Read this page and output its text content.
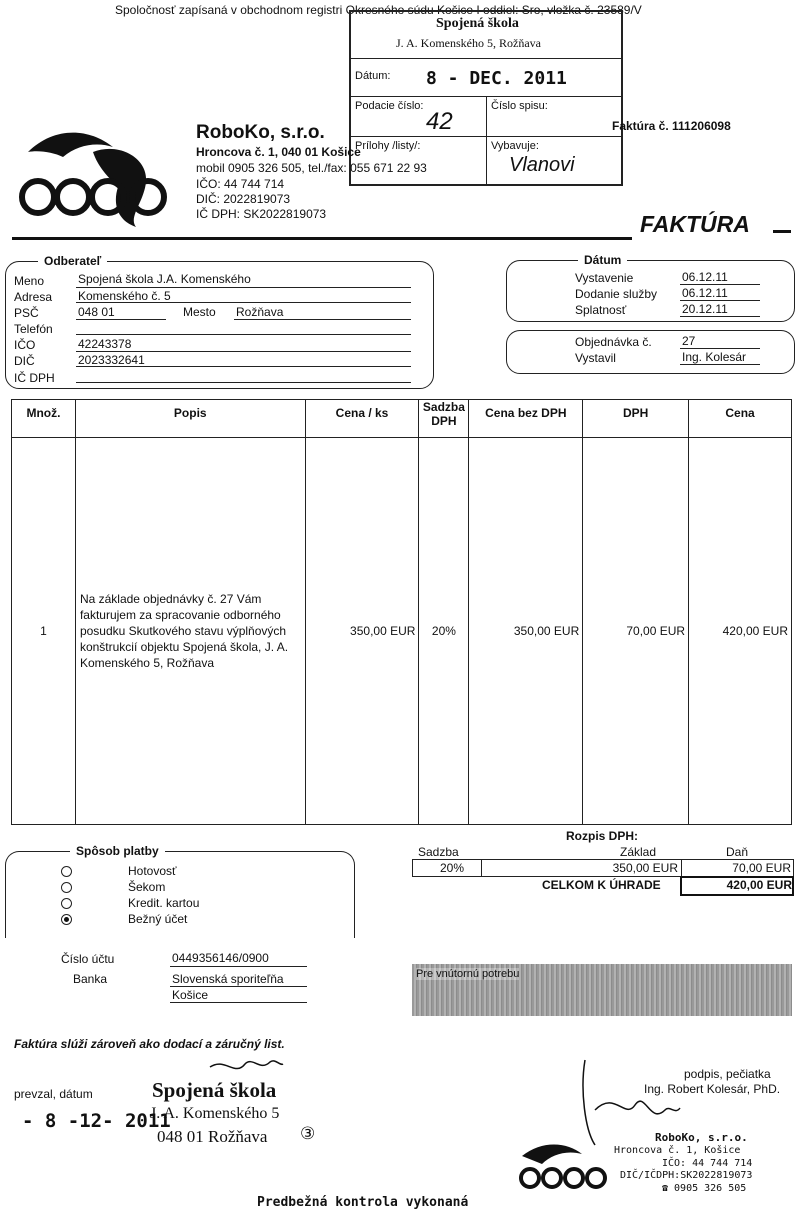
Spoločnosť zapísaná v obchodnom registri Okresného súdu Košice I oddiel: Sro, vložka č. 23589/V
Spojená škola
J. A. Komenského 5, Rožňava
Dátum: 8 - DEC. 2011
Podacie číslo:
42
Číslo spisu:
Prílohy /listy/:	Vybavuje:
Vlanovi
RoboKo, s.r.o.
Hroncova č. 1, 040 01 Košice
mobil 0905 326 505, tel./fax: 055 671 22 93
IČO: 44 744 714
DIČ: 2022819073
IČ DPH: SK2022819073
Faktúra č. 111206098
FAKTÚRA
Odberateľ
Meno	Spojená škola J.A. Komenského
Adresa Komenského č. 5
PSČ	048 01	Mesto Rožňava
Telefón
IČO	42243378
DIČ	2023332641
IČ DPH
Dátum
Vystavenie	06.12.11
Dodanie služby 06.12.11
Splatnosť	20.12.11
Objednávka č.	27
Vystavil	Ing. Kolesár
Množ.	Popis	Cena / ks	Sadzba DPH	Cena bez DPH	DPH	Cena
1	Na základe objednávky č. 27 Vám fakturujem za spracovanie odborného posudku Skutkového stavu výplňových konštrukcií objektu Spojená škola, J. A. Komenského 5, Rožňava	350,00 EUR	20%	350,00 EUR	70,00 EUR	420,00 EUR
Spôsob platby
Hotovosť
Šekom
Kredit. kartou
Bežný účet
Číslo účtu	0449356146/0900
Banka	Slovenská sporiteľňa
Košice
Rozpis DPH:
Sadzba	Základ	Daň
20%	350,00 EUR	70,00 EUR
CELKOM K ÚHRADE	420,00 EUR
Pre vnútornú potrebu
Faktúra slúži zároveň ako dodací a záručný list.
prevzal, dátum
- 8 -12- 2011
Spojená škola
J. A. Komenského 5
048 01 Rožňava ③
podpis, pečiatka
Ing. Robert Kolesár, PhD.
RoboKo, s.r.o.
Hroncova č. 1, Košice
IČO: 44 744 714
DIČ/IČDPH:SK2022819073
☎ 0905 326 505
Predbežná kontrola vykonaná
